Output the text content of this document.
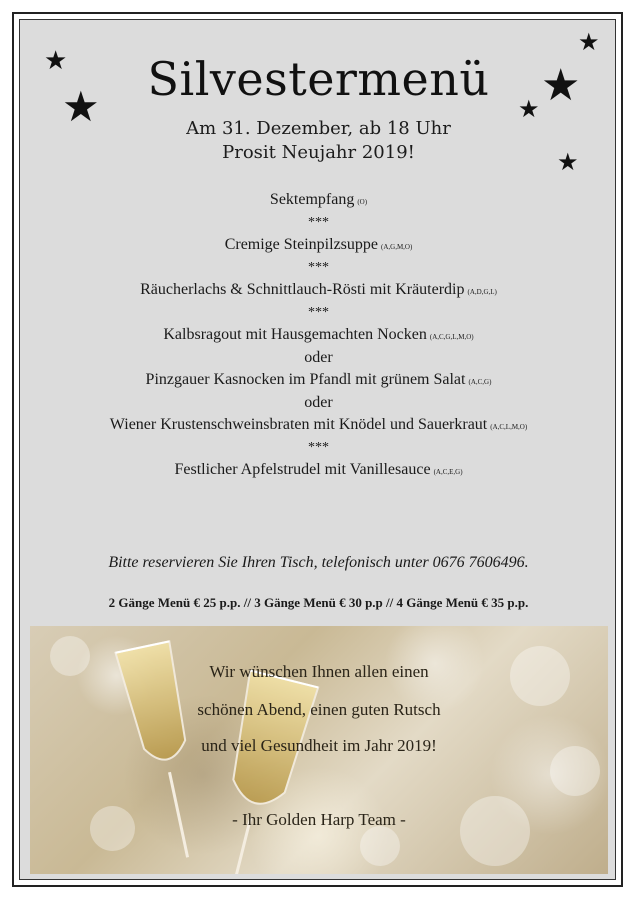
★
★
★
★
★
★
Silvestermenü
Am 31. Dezember, ab 18 Uhr
Prosit Neujahr 2019!
Sektempfang (O)
***
Cremige Steinpilzsuppe (A,G,M,O)
***
Räucherlachs & Schnittlauch-Rösti mit Kräuterdip (A,D,G,L)
***
Kalbsragout mit Hausgemachten Nocken (A,C,G,L,M,O)
oder
Pinzgauer Kasnocken im Pfandl mit grünem Salat (A,C,G)
oder
Wiener Krustenschweinsbraten mit Knödel und Sauerkraut (A,C,L,M,O)
***
Festlicher Apfelstrudel mit Vanillesauce (A,C,E,G)
Bitte reservieren Sie Ihren Tisch, telefonisch unter 0676 7606496.
2 Gänge Menü € 25 p.p. // 3 Gänge Menü € 30 p.p // 4 Gänge Menü € 35 p.p.
Wir wünschen Ihnen allen einen
schönen Abend, einen guten Rutsch
und viel Gesundheit im Jahr 2019!
- Ihr Golden Harp Team -
